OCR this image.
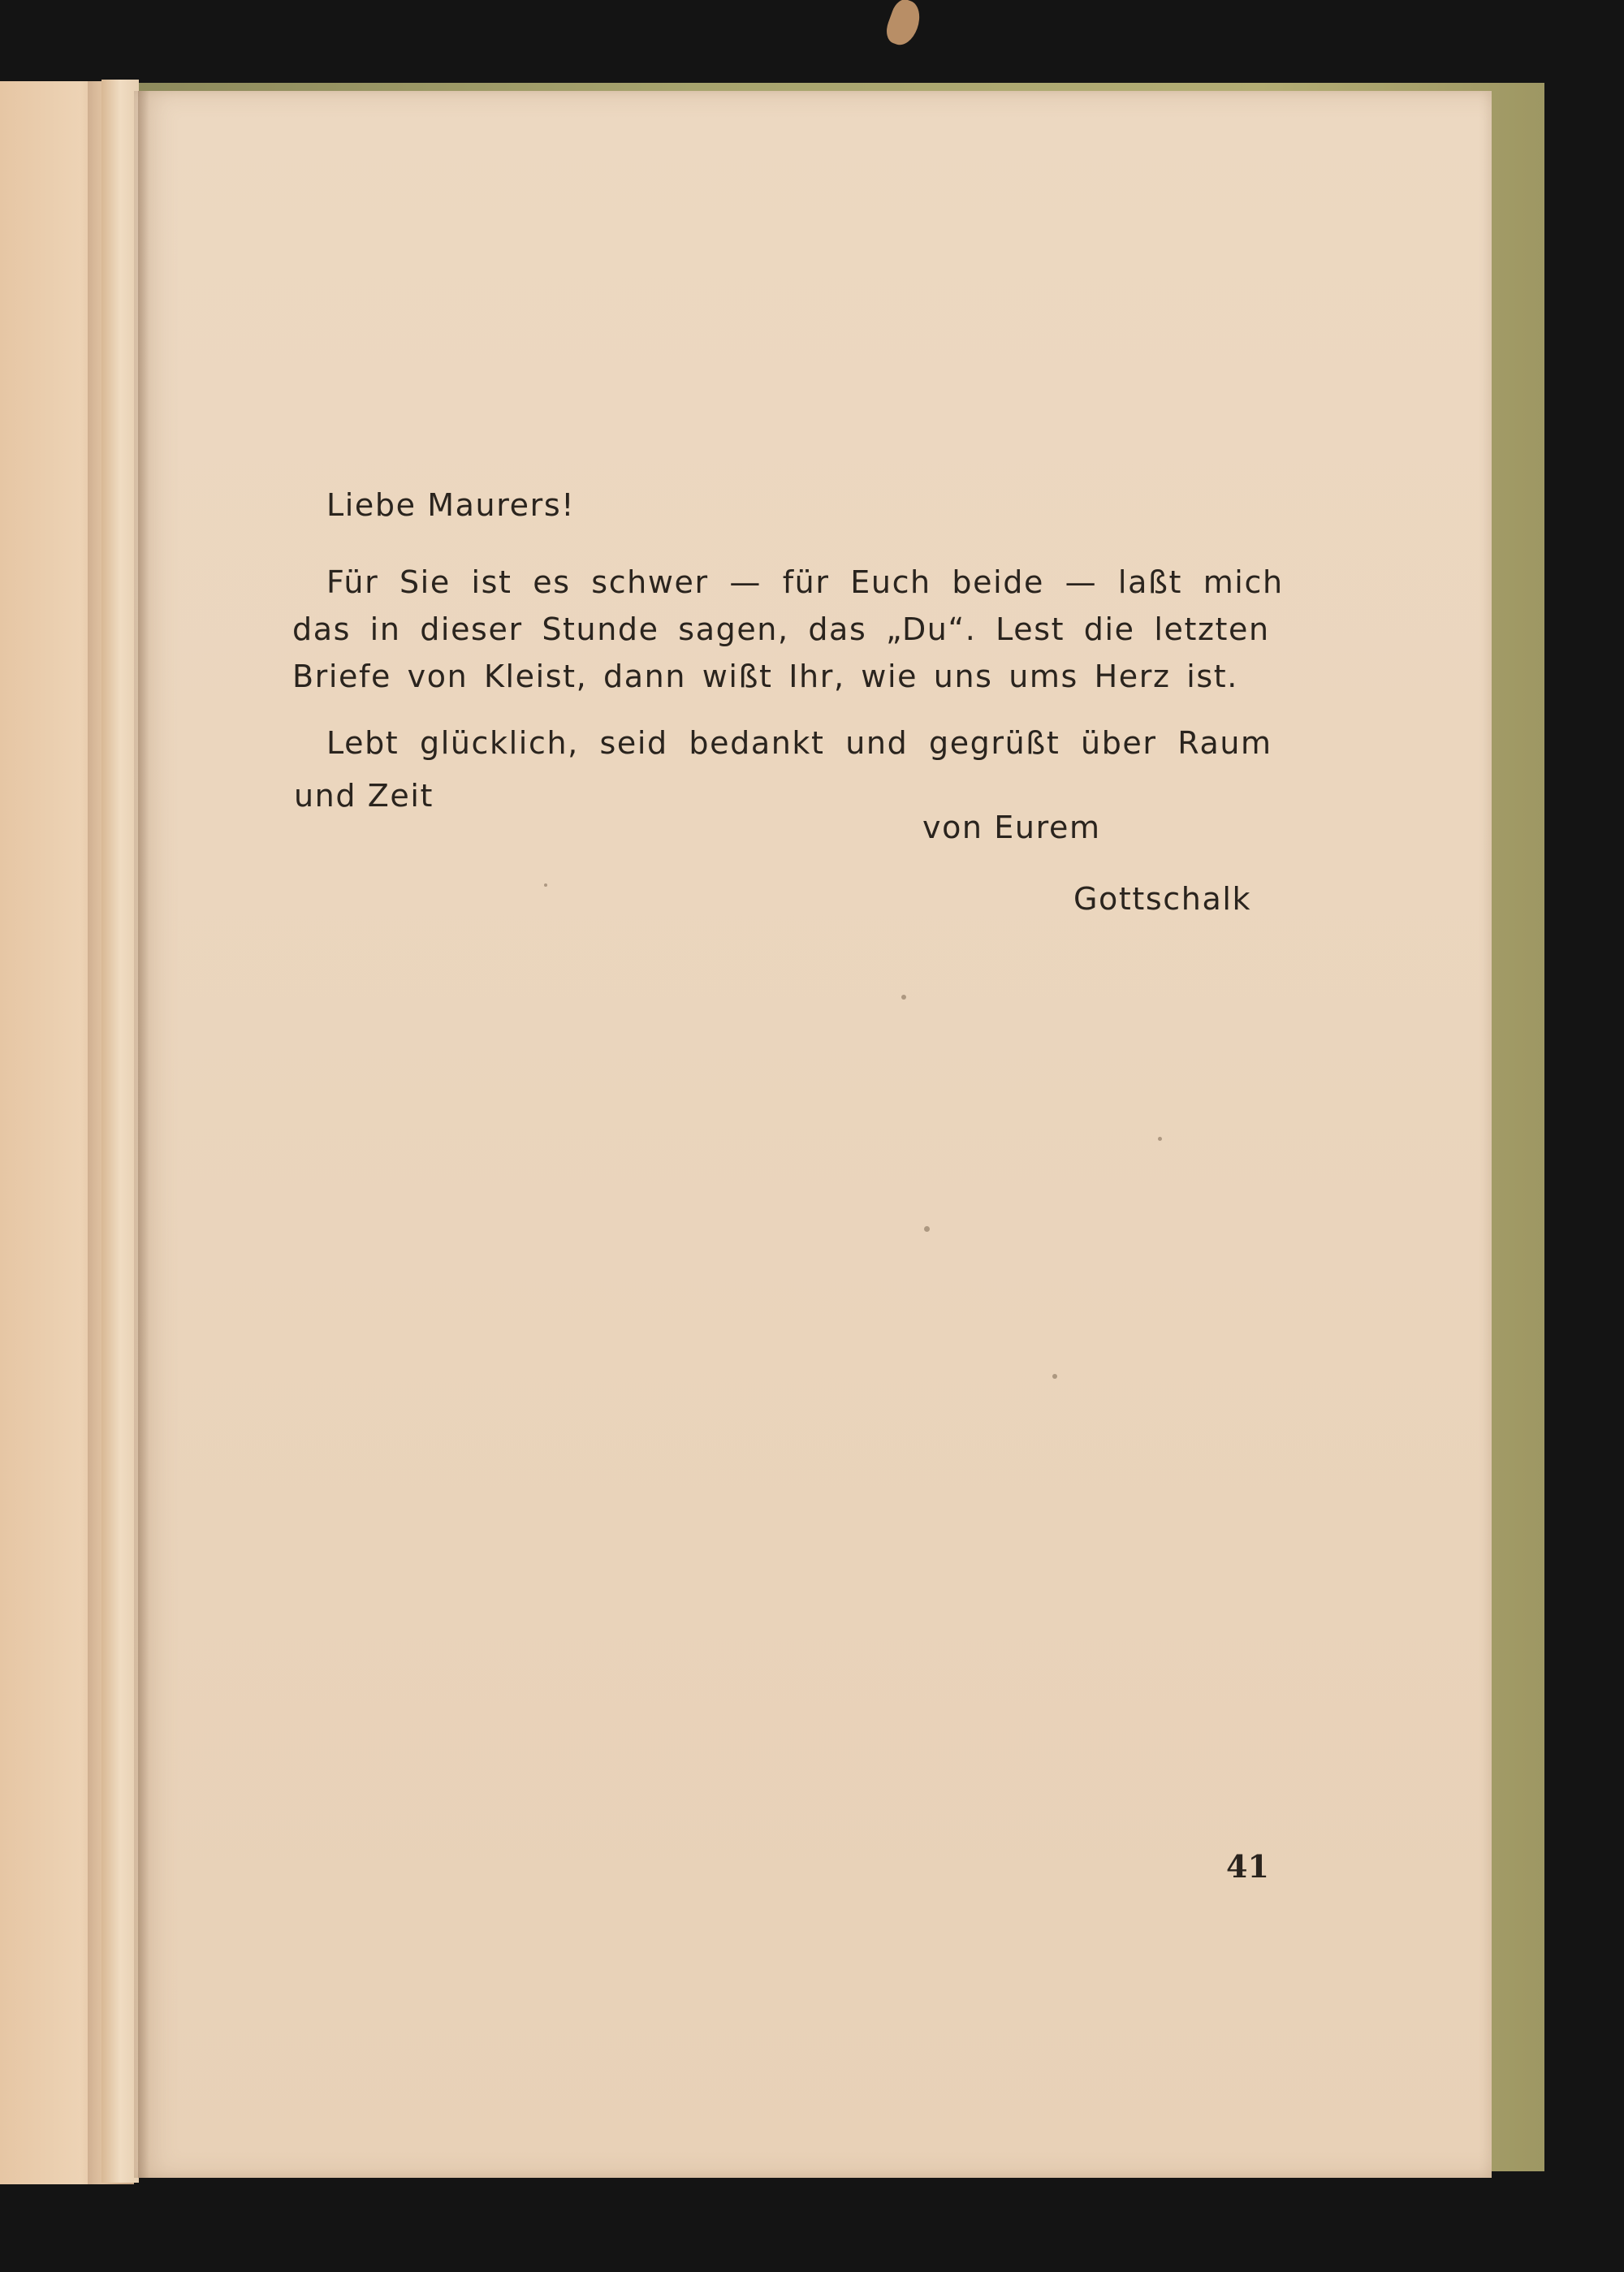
Liebe Maurers!
Für Sie ist es schwer — für Euch beide — laßt mich
das in dieser Stunde sagen, das „Du“. Lest die letzten
Briefe von Kleist, dann wißt Ihr, wie uns ums Herz ist.
Lebt glücklich, seid bedankt und gegrüßt über Raum
und Zeit
von Eurem
Gottschalk
41
